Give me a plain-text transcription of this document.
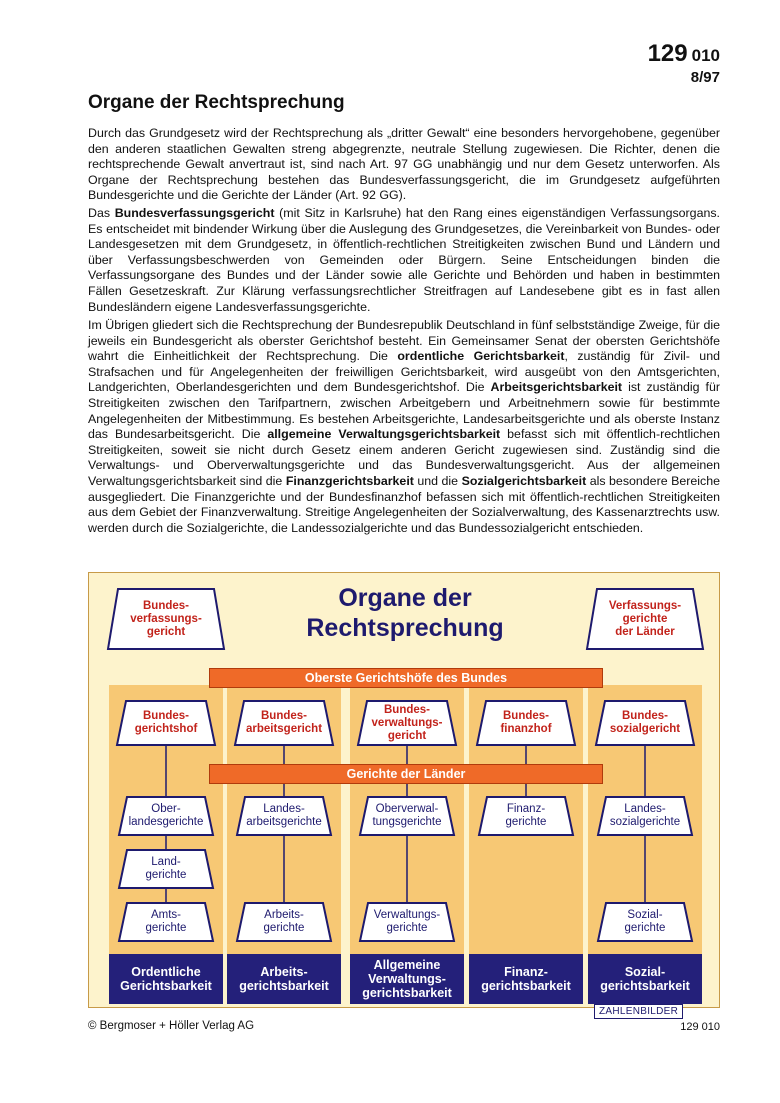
129 010
8/97
Organe der Rechtsprechung

Durch das Grundgesetz wird der Rechtsprechung als „dritter Gewalt“ eine besonders hervorgehobene, gegenüber den anderen staatlichen Gewalten streng abgegrenzte, neutrale Stellung zugewiesen. Die Richter, denen die rechtsprechende Gewalt anvertraut ist, sind nach Art. 97 GG unabhängig und nur dem Gesetz unterworfen. Als Organe der Rechtsprechung bestehen das Bundesverfassungsgericht, die im Grundgesetz aufgeführten Bundesgerichte und die Gerichte der Länder (Art. 92 GG).

Das Bundesverfassungsgericht (mit Sitz in Karlsruhe) hat den Rang eines eigenständigen Verfassungsorgans. Es entscheidet mit bindender Wirkung über die Auslegung des Grundgesetzes, die Vereinbarkeit von Bundes- oder Landesgesetzen mit dem Grundgesetz, in öffentlich-rechtlichen Streitigkeiten zwischen Bund und Ländern und über Verfassungsbeschwerden von Gemeinden oder Bürgern. Seine Entscheidungen binden die Verfassungsorgane des Bundes und der Länder sowie alle Gerichte und Behörden und haben in bestimmten Fällen Gesetzeskraft. Zur Klärung verfassungsrechtlicher Streitfragen auf Landesebene gibt es in fast allen Bundesländern eigene Landesverfassungsgerichte.

Im Übrigen gliedert sich die Rechtsprechung der Bundesrepublik Deutschland in fünf selbstständige Zweige, für die jeweils ein Bundesgericht als oberster Gerichtshof besteht. Ein Gemeinsamer Senat der obersten Gerichtshöfe wahrt die Einheitlichkeit der Rechtsprechung. Die ordentliche Gerichtsbarkeit, zuständig für Zivil- und Strafsachen und für Angelegenheiten der freiwilligen Gerichtsbarkeit, wird ausgeübt von den Amtsgerichten, Landgerichten, Oberlandesgerichten und dem Bundesgerichtshof. Die Arbeitsgerichtsbarkeit ist zuständig für Streitigkeiten zwischen den Tarifpartnern, zwischen Arbeitgebern und Arbeitnehmern sowie für bestimmte Angelegenheiten der Mitbestimmung. Es bestehen Arbeitsgerichte, Landesarbeitsgerichte und als oberste Instanz das Bundesarbeitsgericht. Die allgemeine Verwaltungsgerichtsbarkeit befasst sich mit öffentlich-rechtlichen Streitigkeiten, soweit sie nicht durch Gesetz einem anderen Gericht zugewiesen sind. Zuständig sind die Verwaltungs- und Oberverwaltungsgerichte und das Bundesverwaltungsgericht. Aus der allgemeinen Verwaltungsgerichtsbarkeit sind die Finanzgerichtsbarkeit und die Sozialgerichtsbarkeit als besondere Bereiche ausgegliedert. Die Finanzgerichte und der Bundesfinanzhof befassen sich mit öffentlich-rechtlichen Streitigkeiten aus dem Gebiet der Finanzverwaltung. Streitige Angelegenheiten der Sozialverwaltung, des Kassenarztrechts usw. werden durch die Sozialgerichte, die Landessozialgerichte und das Bundessozialgericht entschieden.

Organe der
Rechtsprechung
Oberste Gerichtshöfe des Bundes
Gerichte der Länder
Bundes-
verfassungs-
gericht
Verfassungs-
gerichte
der Länder
Bundes-
gerichtshof
Bundes-
arbeitsgericht
Bundes-
verwaltungs-
gericht
Bundes-
finanzhof
Bundes-
sozialgericht
Ober-
landesgerichte
Landes-
arbeitsgerichte
Oberverwal-
tungsgerichte
Finanz-
gerichte
Landes-
sozialgerichte
Land-
gerichte
Amts-
gerichte
Arbeits-
gerichte
Verwaltungs-
gerichte
Sozial-
gerichte
Ordentliche
Gerichtsbarkeit
Arbeits-
gerichtsbarkeit
Allgemeine
Verwaltungs-
gerichtsbarkeit
Finanz-
gerichtsbarkeit
Sozial-
gerichtsbarkeit
ZAHLENBILDER
© Bergmoser + Höller Verlag AG	129 010
